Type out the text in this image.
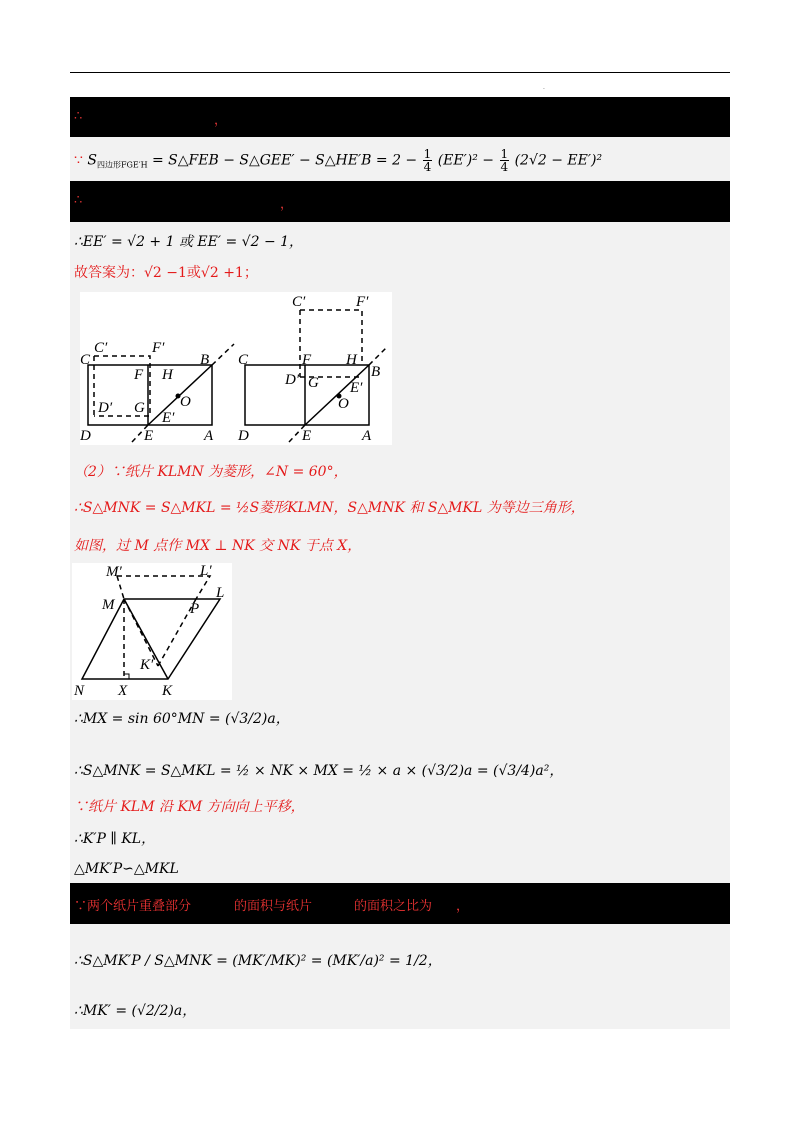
.
∴	，
∵ $S_{四边形FGE'H}$ = S△FEB − S△GEE′ − S△HE′B = $2 - \frac{1}{4} (EE')^2 - \frac{1}{4} (2√2 - EE')^2$
∴	，
∴EE′ = √2 + 1 或 EE′ = √2 − 1，
故答案为：√2 −1或√2 +1；
C′	F′
C
F H
B
O
D′ G
E′
D	E	A
C′	F′
C	F H
B
D′ G E′
O
D	E	A
（2）∵纸片 KLMN 为菱形，∠N = 60°，
∴S△MNK = S△MKL = ½S菱形KLMN，S△MNK 和 S△MKL 为等边三角形，
如图，过 M 点作 MX ⊥ NK 交 NK 于点 X，
M′	L′
M
L
P
K′
N X K
∴MX = sin 60°MN = (√3/2)a，
∴S△MNK = S△MKL = ½ × NK × MX = ½ × a × (√3/2)a = (√3/4)a²，
∵纸片 KLM 沿 KM 方向向上平移，
∴K′P ∥ KL，
△MK′P∽△MKL
∵两个纸片重叠部分	的面积与纸片	的面积之比为 ，
∴S△MK′P / S△MNK = (MK′/MK)² = (MK′/a)² = 1/2，
∴MK′ = (√2/2)a，
